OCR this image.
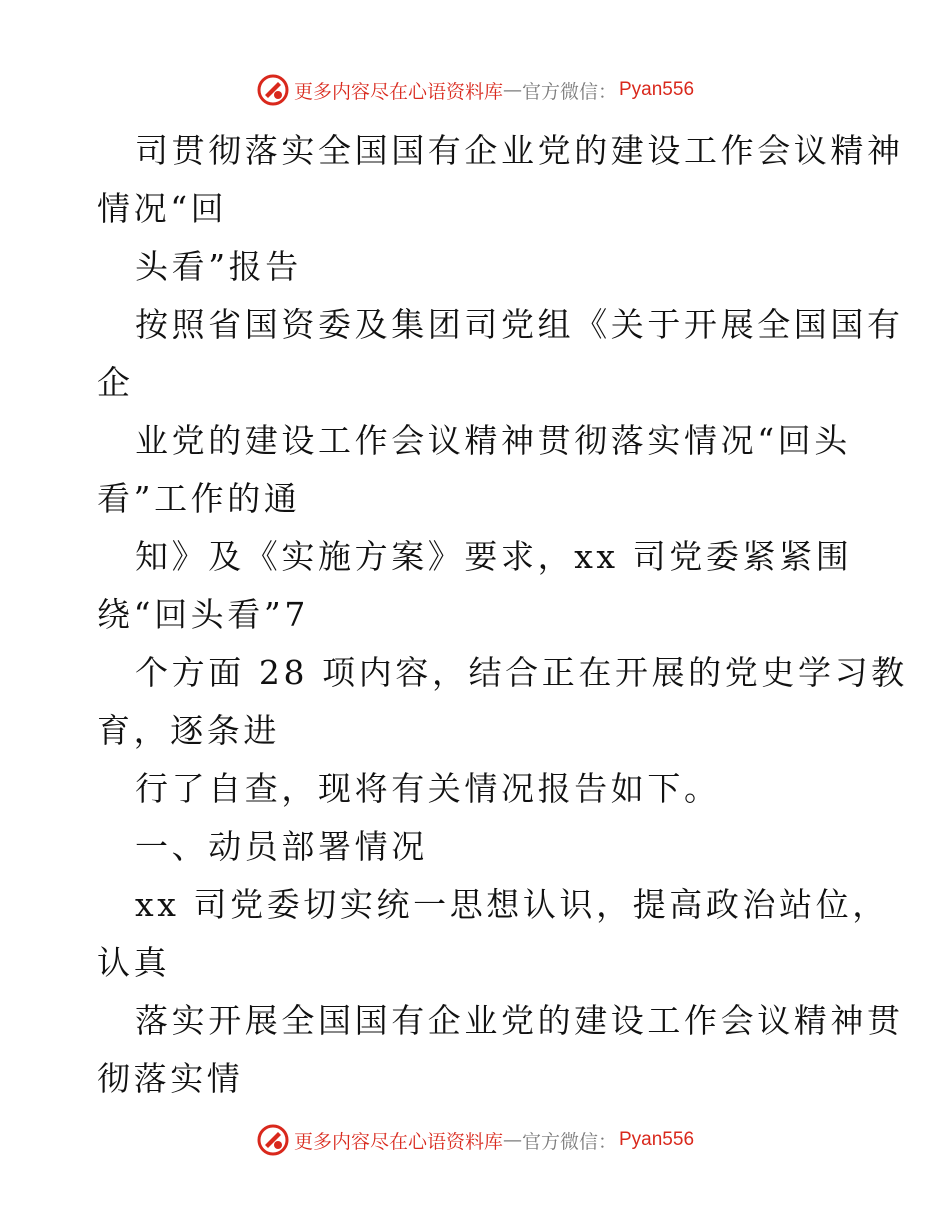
更多内容尽在心语资料库 — 官方微信： Pyan556
司贯彻落实全国国有企业党的建设工作会议精神
情况“回
头看”报告
按照省国资委及集团司党组《关于开展全国国有
企
业党的建设工作会议精神贯彻落实情况“回头
看”工作的通
知》及《实施方案》要求，xx 司党委紧紧围
绕“回头看”7
个方面 28 项内容，结合正在开展的党史学习教
育，逐条进
行了自查，现将有关情况报告如下。
一、动员部署情况
xx 司党委切实统一思想认识，提高政治站位，
认真
落实开展全国国有企业党的建设工作会议精神贯
彻落实情
更多内容尽在心语资料库 — 官方微信： Pyan556
